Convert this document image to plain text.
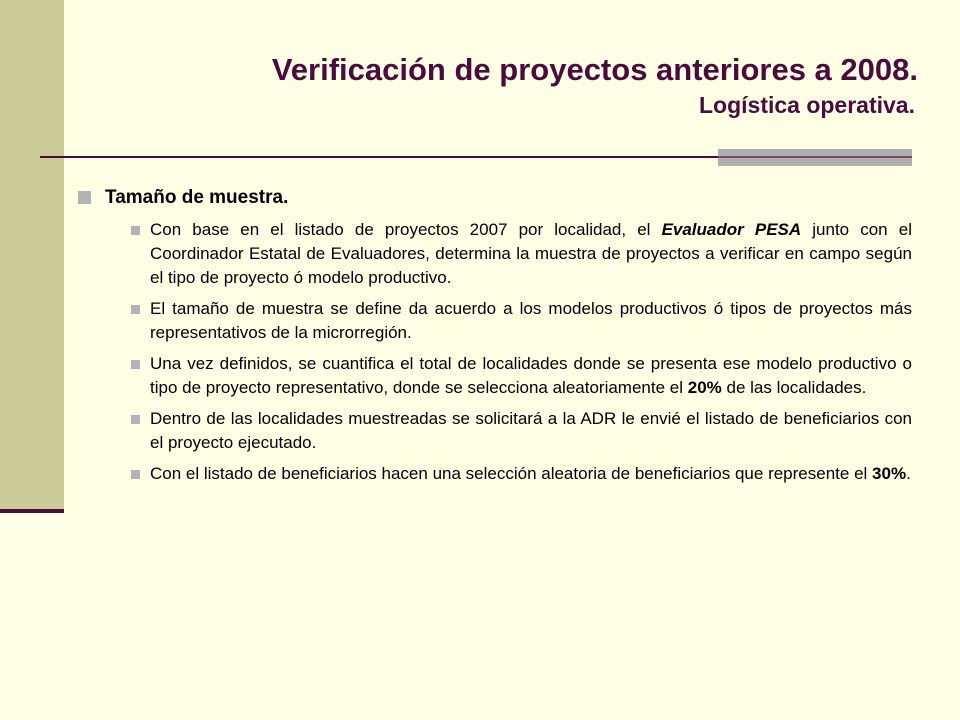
Verificación de proyectos anteriores a 2008.
Logística operativa.
Tamaño de muestra.
Con base en el listado de proyectos 2007 por localidad, el Evaluador PESA junto con el Coordinador Estatal de Evaluadores, determina la muestra de proyectos a verificar en campo según el tipo de proyecto ó modelo productivo.
El tamaño de muestra se define da acuerdo a los modelos productivos ó tipos de proyectos más representativos de la microrregión.
Una vez definidos, se cuantifica el total de localidades donde se presenta ese modelo productivo o tipo de proyecto representativo, donde se selecciona aleatoriamente el 20% de las localidades.
Dentro de las localidades muestreadas se solicitará a la ADR le envié el listado de beneficiarios con el proyecto ejecutado.
Con el listado de beneficiarios hacen una selección aleatoria de beneficiarios que represente el 30%.
